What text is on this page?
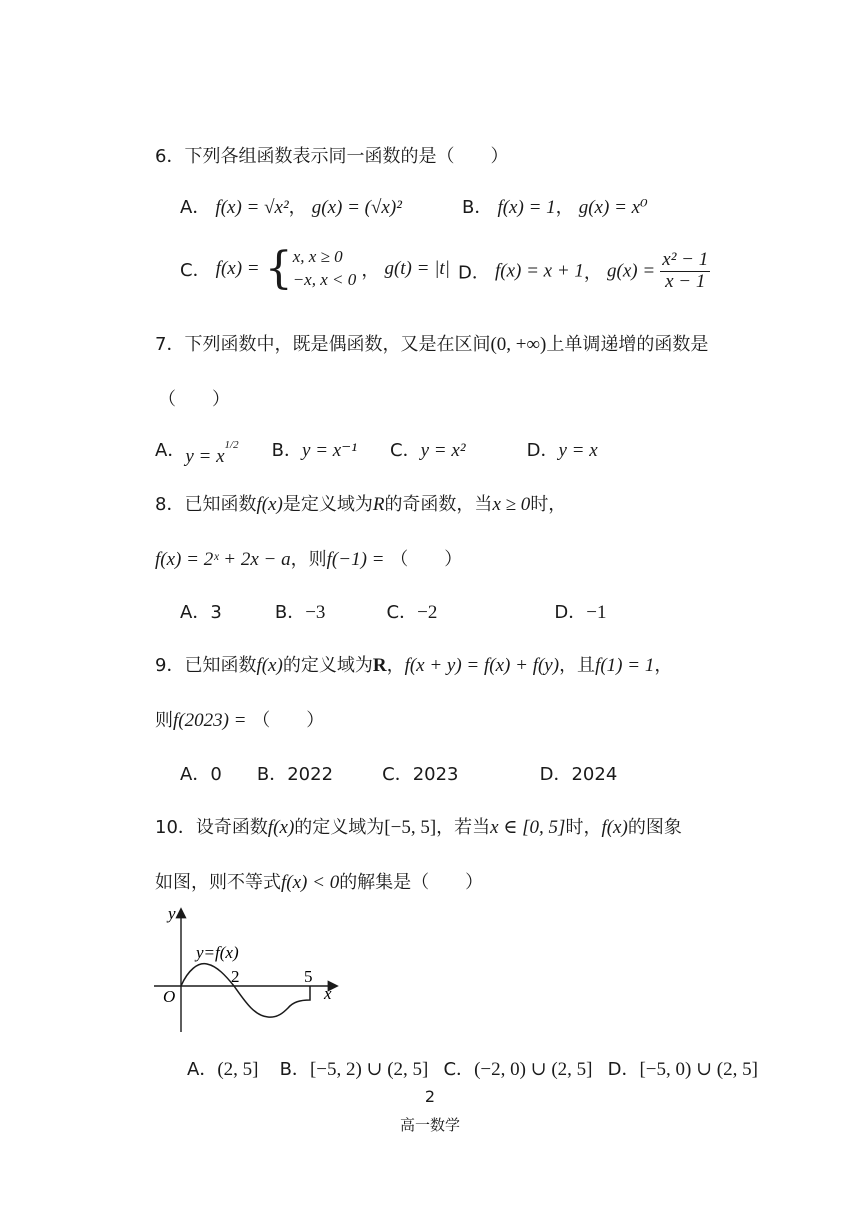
6．下列各组函数表示同一函数的是（　　）
A． f(x) = √x²， g(x) = (√x)²	B． f(x) = 1， g(x) = x⁰
C． f(x) = { x, x ≥ 0
−x, x < 0 ， g(t) = |t| D． f(x) = x + 1， $g(x) = \frac{\text{x² − 1}}{x - 1}$
7．下列函数中，既是偶函数，又是在区间(0, +∞)上单调递增的函数是
（　　）
A．$y = x^{1/2}$ B．y = x⁻¹ C．y = x²	D．y = x
8．已知函数f(x)是定义域为R的奇函数，当x ≥ 0时，
f(x) = 2ˣ + 2x − a，则f(−1) = （　　）
A．3	B．−3	C．−2	D．−1
9．已知函数f(x)的定义域为R，f(x + y) = f(x) + f(y)，且f(1) = 1，
则f(2023) = （　　）
A．0 B．2022	C．2023	D．2024
10．设奇函数f(x)的定义域为[−5, 5]，若当x ∈ [0, 5]时，f(x)的图象
如图，则不等式f(x) < 0的解集是（　　）
y
x
O
y=f(x)
2	5
A．(2, 5] B．[−5, 2) ∪ (2, 5] C．(−2, 0) ∪ (2, 5] D．[−5, 0) ∪ (2, 5]
2
高一数学
